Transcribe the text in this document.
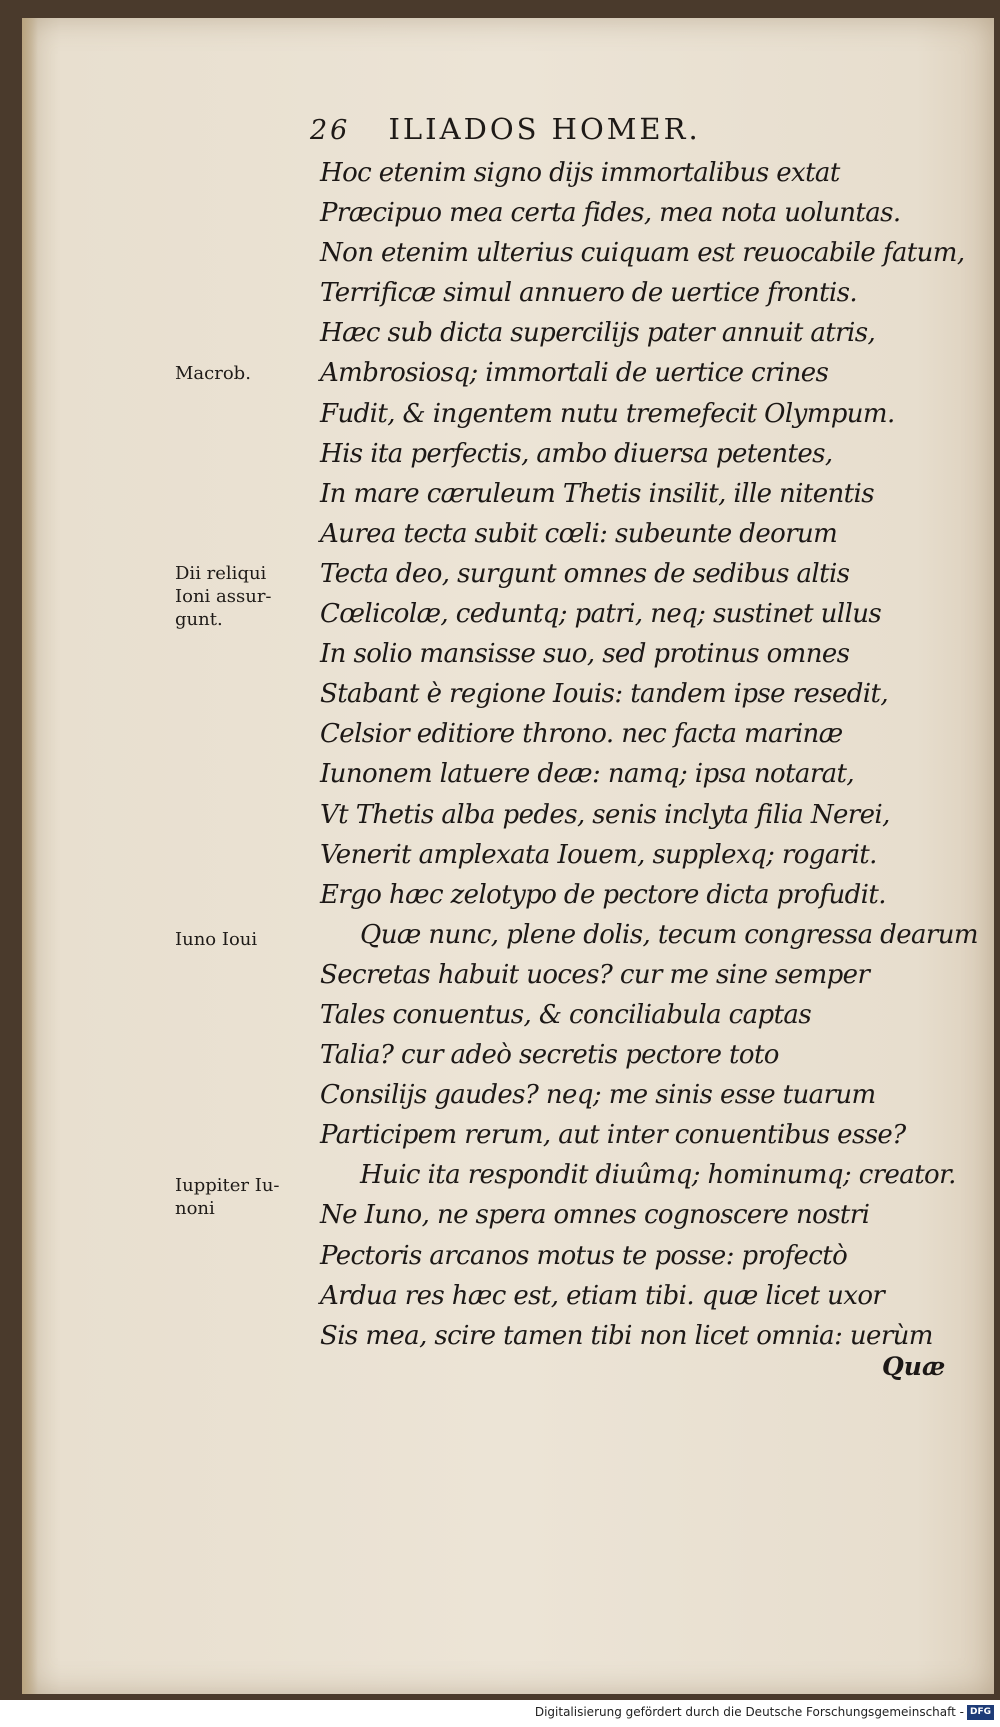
26 ILIADOS HOMER.
Macrob.
Dii reliqui Ioni assur-gunt.
Iuno Ioui
Iuppiter Iu-noni
Hoc etenim signo dijs immortalibus extat
Præcipuo mea certa fides, mea nota uoluntas.
Non etenim ulterius cuiquam est reuocabile fatum,
Terrificæ simul annuero de uertice frontis.
Hæc sub dicta supercilijs pater annuit atris,
Ambrosiosq; immortali de uertice crines
Fudit, & ingentem nutu tremefecit Olympum.
His ita perfectis, ambo diuersa petentes,
In mare cæruleum Thetis insilit, ille nitentis
Aurea tecta subit cœli: subeunte deorum
Tecta deo, surgunt omnes de sedibus altis
Cœlicolæ, ceduntq; patri, neq; sustinet ullus
In solio mansisse suo, sed protinus omnes
Stabant è regione Iouis: tandem ipse resedit,
Celsior editiore throno. nec facta marinæ
Iunonem latuere deæ: namq; ipsa notarat,
Vt Thetis alba pedes, senis inclyta filia Nerei,
Venerit amplexata Iouem, supplexq; rogarit.
Ergo hæc zelotypo de pectore dicta profudit.
Quæ nunc, plene dolis, tecum congressa dearum
Secretas habuit uoces? cur me sine semper
Tales conuentus, & conciliabula captas
Talia? cur adeò secretis pectore toto
Consilijs gaudes? neq; me sinis esse tuarum
Participem rerum, aut inter conuentibus esse?
Huic ita respondit diuûmq; hominumq; creator.
Ne Iuno, ne spera omnes cognoscere nostri
Pectoris arcanos motus te posse: profectò
Ardua res hæc est, etiam tibi. quæ licet uxor
Sis mea, scire tamen tibi non licet omnia: uerùm
Quæ
Digitalisierung gefördert durch die Deutsche Forschungsgemeinschaft - DFG
